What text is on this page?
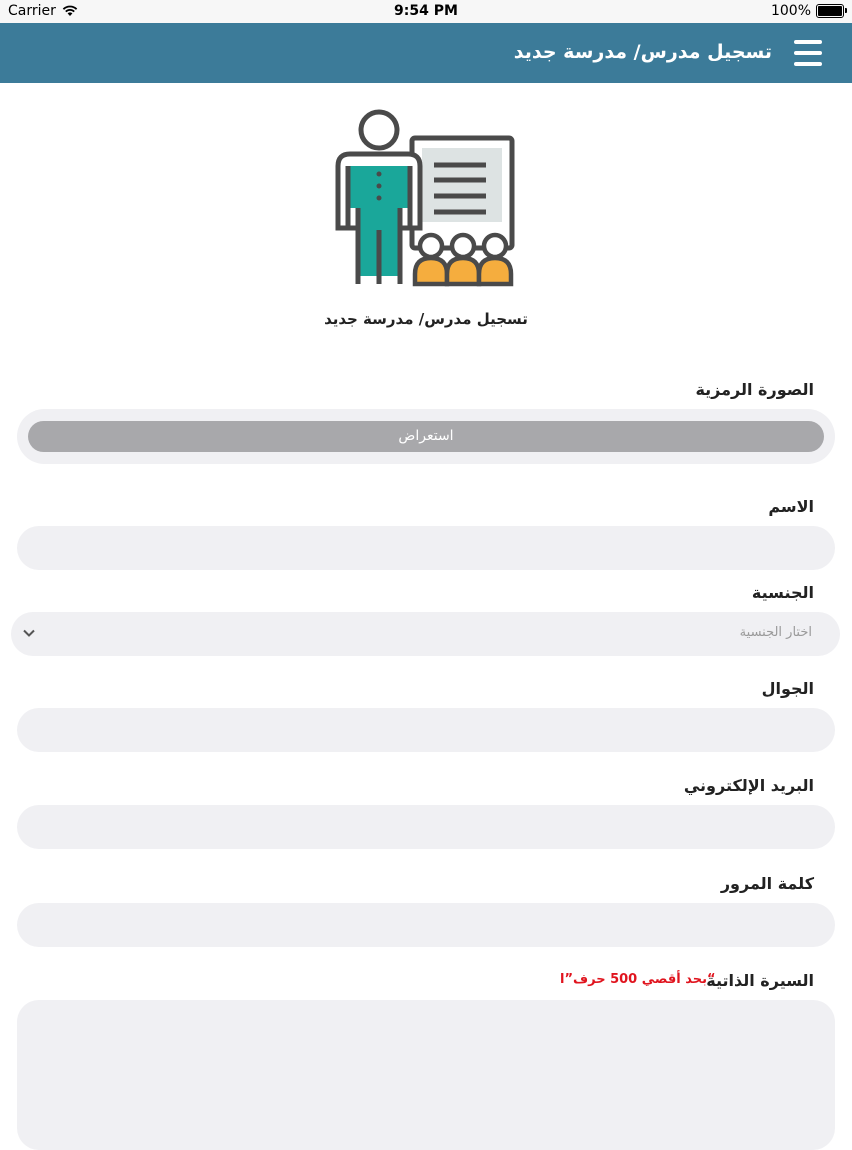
Carrier	9:54 PM	100%
تسجيل مدرس/ مدرسة جديد
تسجيل مدرس/ مدرسة جديد
الصورة الرمزية
استعراض
الاسم
الجنسية
اختار الجنسية
الجوال
البريد الإلكتروني
كلمة المرور
السيرة الذاتية
“بحد أقصي 500 حرف”ا
